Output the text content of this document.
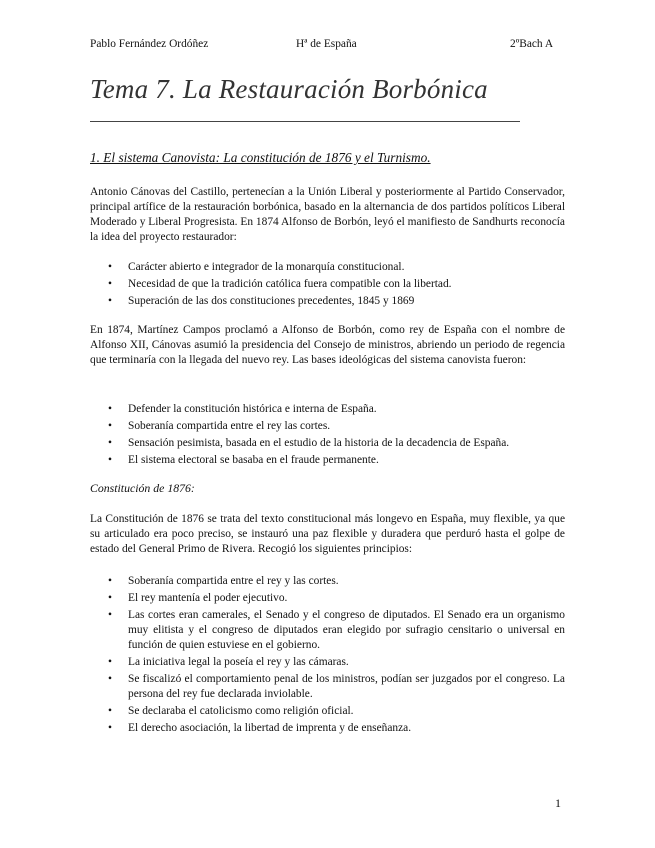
Pablo Fernández Ordóñez	Hª de España	2ºBach A
Tema 7. La Restauración Borbónica
1. El sistema Canovista: La constitución de 1876 y el Turnismo.

Antonio Cánovas del Castillo, pertenecían a la Unión Liberal y posteriormente al Partido Conservador, principal artífice de la restauración borbónica, basado en la alternancia de dos partidos políticos Liberal Moderado y Liberal Progresista. En 1874 Alfonso de Borbón, leyó el manifiesto de Sandhurts reconocía la idea del proyecto restaurador:

• Carácter abierto e integrador de la monarquía constitucional.
• Necesidad de que la tradición católica fuera compatible con la libertad.
• Superación de las dos constituciones precedentes, 1845 y 1869

En 1874, Martínez Campos proclamó a Alfonso de Borbón, como rey de España con el nombre de Alfonso XII, Cánovas asumió la presidencia del Consejo de ministros, abriendo un periodo de regencia que terminaría con la llegada del nuevo rey. Las bases ideológicas del sistema canovista fueron:

• Defender la constitución histórica e interna de España.
• Soberanía compartida entre el rey las cortes.
• Sensación pesimista, basada en el estudio de la historia de la decadencia de España.
• El sistema electoral se basaba en el fraude permanente.
Constitución de 1876:

La Constitución de 1876 se trata del texto constitucional más longevo en España, muy flexible, ya que su articulado era poco preciso, se instauró una paz flexible y duradera que perduró hasta el golpe de estado del General Primo de Rivera. Recogió los siguientes principios:

• Soberanía compartida entre el rey y las cortes.
• El rey mantenía el poder ejecutivo.
• Las cortes eran camerales, el Senado y el congreso de diputados. El Senado era un organismo muy elitista y el congreso de diputados eran elegido por sufragio censitario o universal en función de quien estuviese en el gobierno.
• La iniciativa legal la poseía el rey y las cámaras.
• Se fiscalizó el comportamiento penal de los ministros, podían ser juzgados por el congreso. La persona del rey fue declarada inviolable.
• Se declaraba el catolicismo como religión oficial.
• El derecho asociación, la libertad de imprenta y de enseñanza.
1
